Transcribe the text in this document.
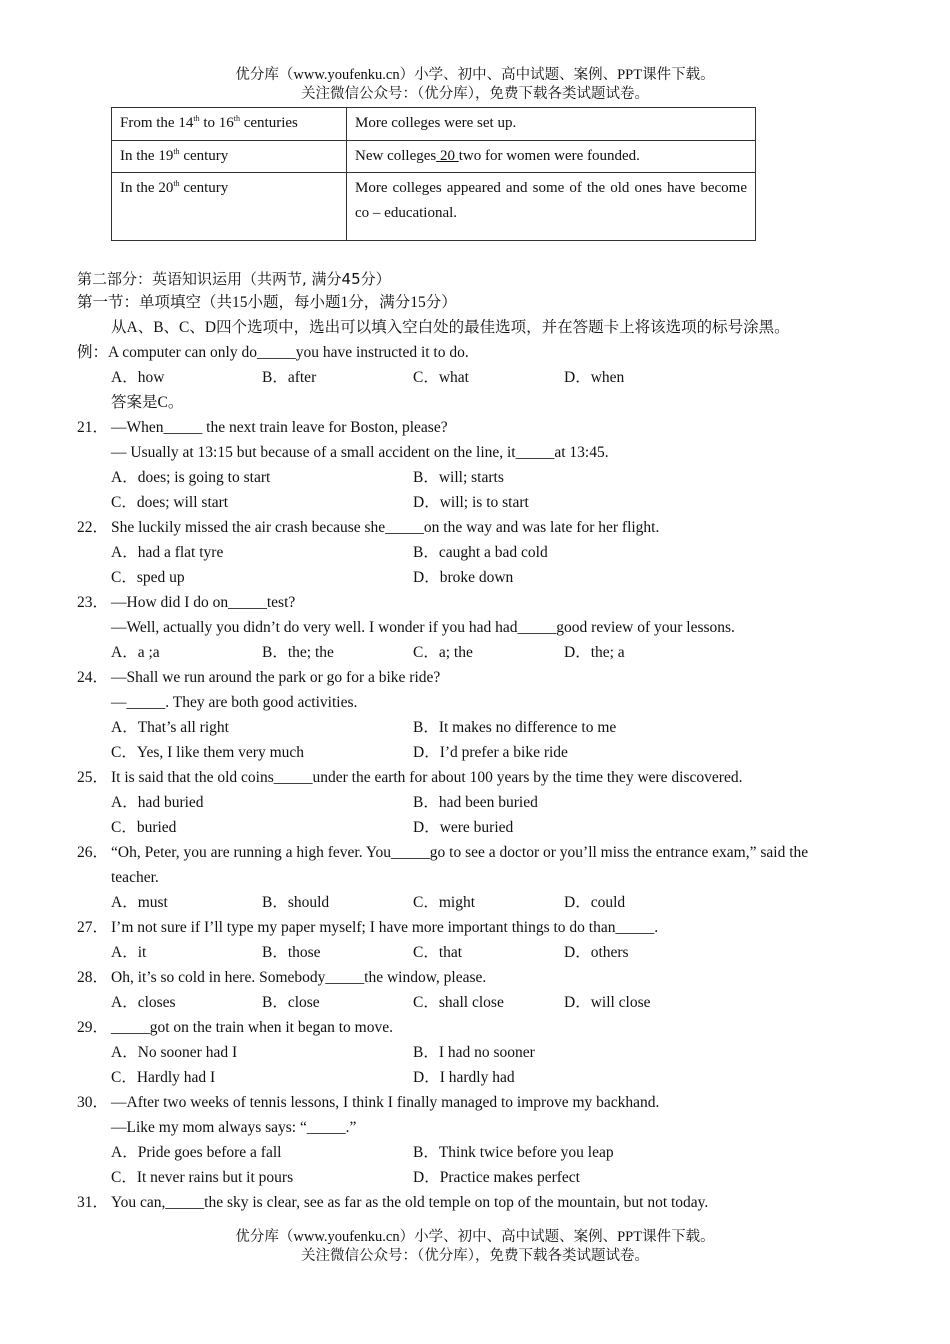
优分库（www.youfenku.cn）小学、初中、高中试题、案例、PPT课件下载。
关注微信公众号：（优分库），免费下载各类试题试卷。
From the 14th to 16th centuries	More colleges were set up.
In the 19th century	New colleges 20 two for women were founded.
In the 20th century	More colleges appeared and some of the old ones have become co – educational.
第二部分：英语知识运用（共两节, 满分45分）
第一节：单项填空（共15小题，每小题1分，满分15分）
从A、B、C、D四个选项中，选出可以填入空白处的最佳选项，并在答题卡上将该选项的标号涂黑。
例：A computer can only do_____you have instructed it to do.
A．how	B．after	C．what	D．when
答案是C。
21． —When_____ the next train leave for Boston, please?
— Usually at 13:15 but because of a small accident on the line, it_____at 13:45.
A．does; is going to start	B．will; starts
C．does; will start	D．will; is to start
22． She luckily missed the air crash because she_____on the way and was late for her flight.
A．had a flat tyre	B．caught a bad cold
C．sped up	D．broke down
23． —How did I do on_____test?
—Well, actually you didn’t do very well. I wonder if you had had_____good review of your lessons.
A．a ;a	B．the; the	C．a; the	D．the; a
24． —Shall we run around the park or go for a bike ride?
—_____. They are both good activities.
A．That’s all right	B．It makes no difference to me
C．Yes, I like them very much	D．I’d prefer a bike ride
25． It is said that the old coins_____under the earth for about 100 years by the time they were discovered.
A．had buried	B．had been buried
C．buried	D．were buried
26． “Oh, Peter, you are running a high fever. You_____go to see a doctor or you’ll miss the entrance exam,” said the
teacher.
A．must	B．should	C．might	D．could
27． I’m not sure if I’ll type my paper myself; I have more important things to do than_____.
A．it	B．those	C．that	D．others
28． Oh, it’s so cold in here. Somebody_____the window, please.
A．closes	B．close	C．shall close	D．will close
29． _____got on the train when it began to move.
A．No sooner had I	B．I had no sooner
C．Hardly had I	D．I hardly had
30． —After two weeks of tennis lessons, I think I finally managed to improve my backhand.
—Like my mom always says: “_____.”
A．Pride goes before a fall	B．Think twice before you leap
C．It never rains but it pours	D．Practice makes perfect
31． You can,_____the sky is clear, see as far as the old temple on top of the mountain, but not today.
优分库（www.youfenku.cn）小学、初中、高中试题、案例、PPT课件下载。
关注微信公众号：（优分库），免费下载各类试题试卷。
